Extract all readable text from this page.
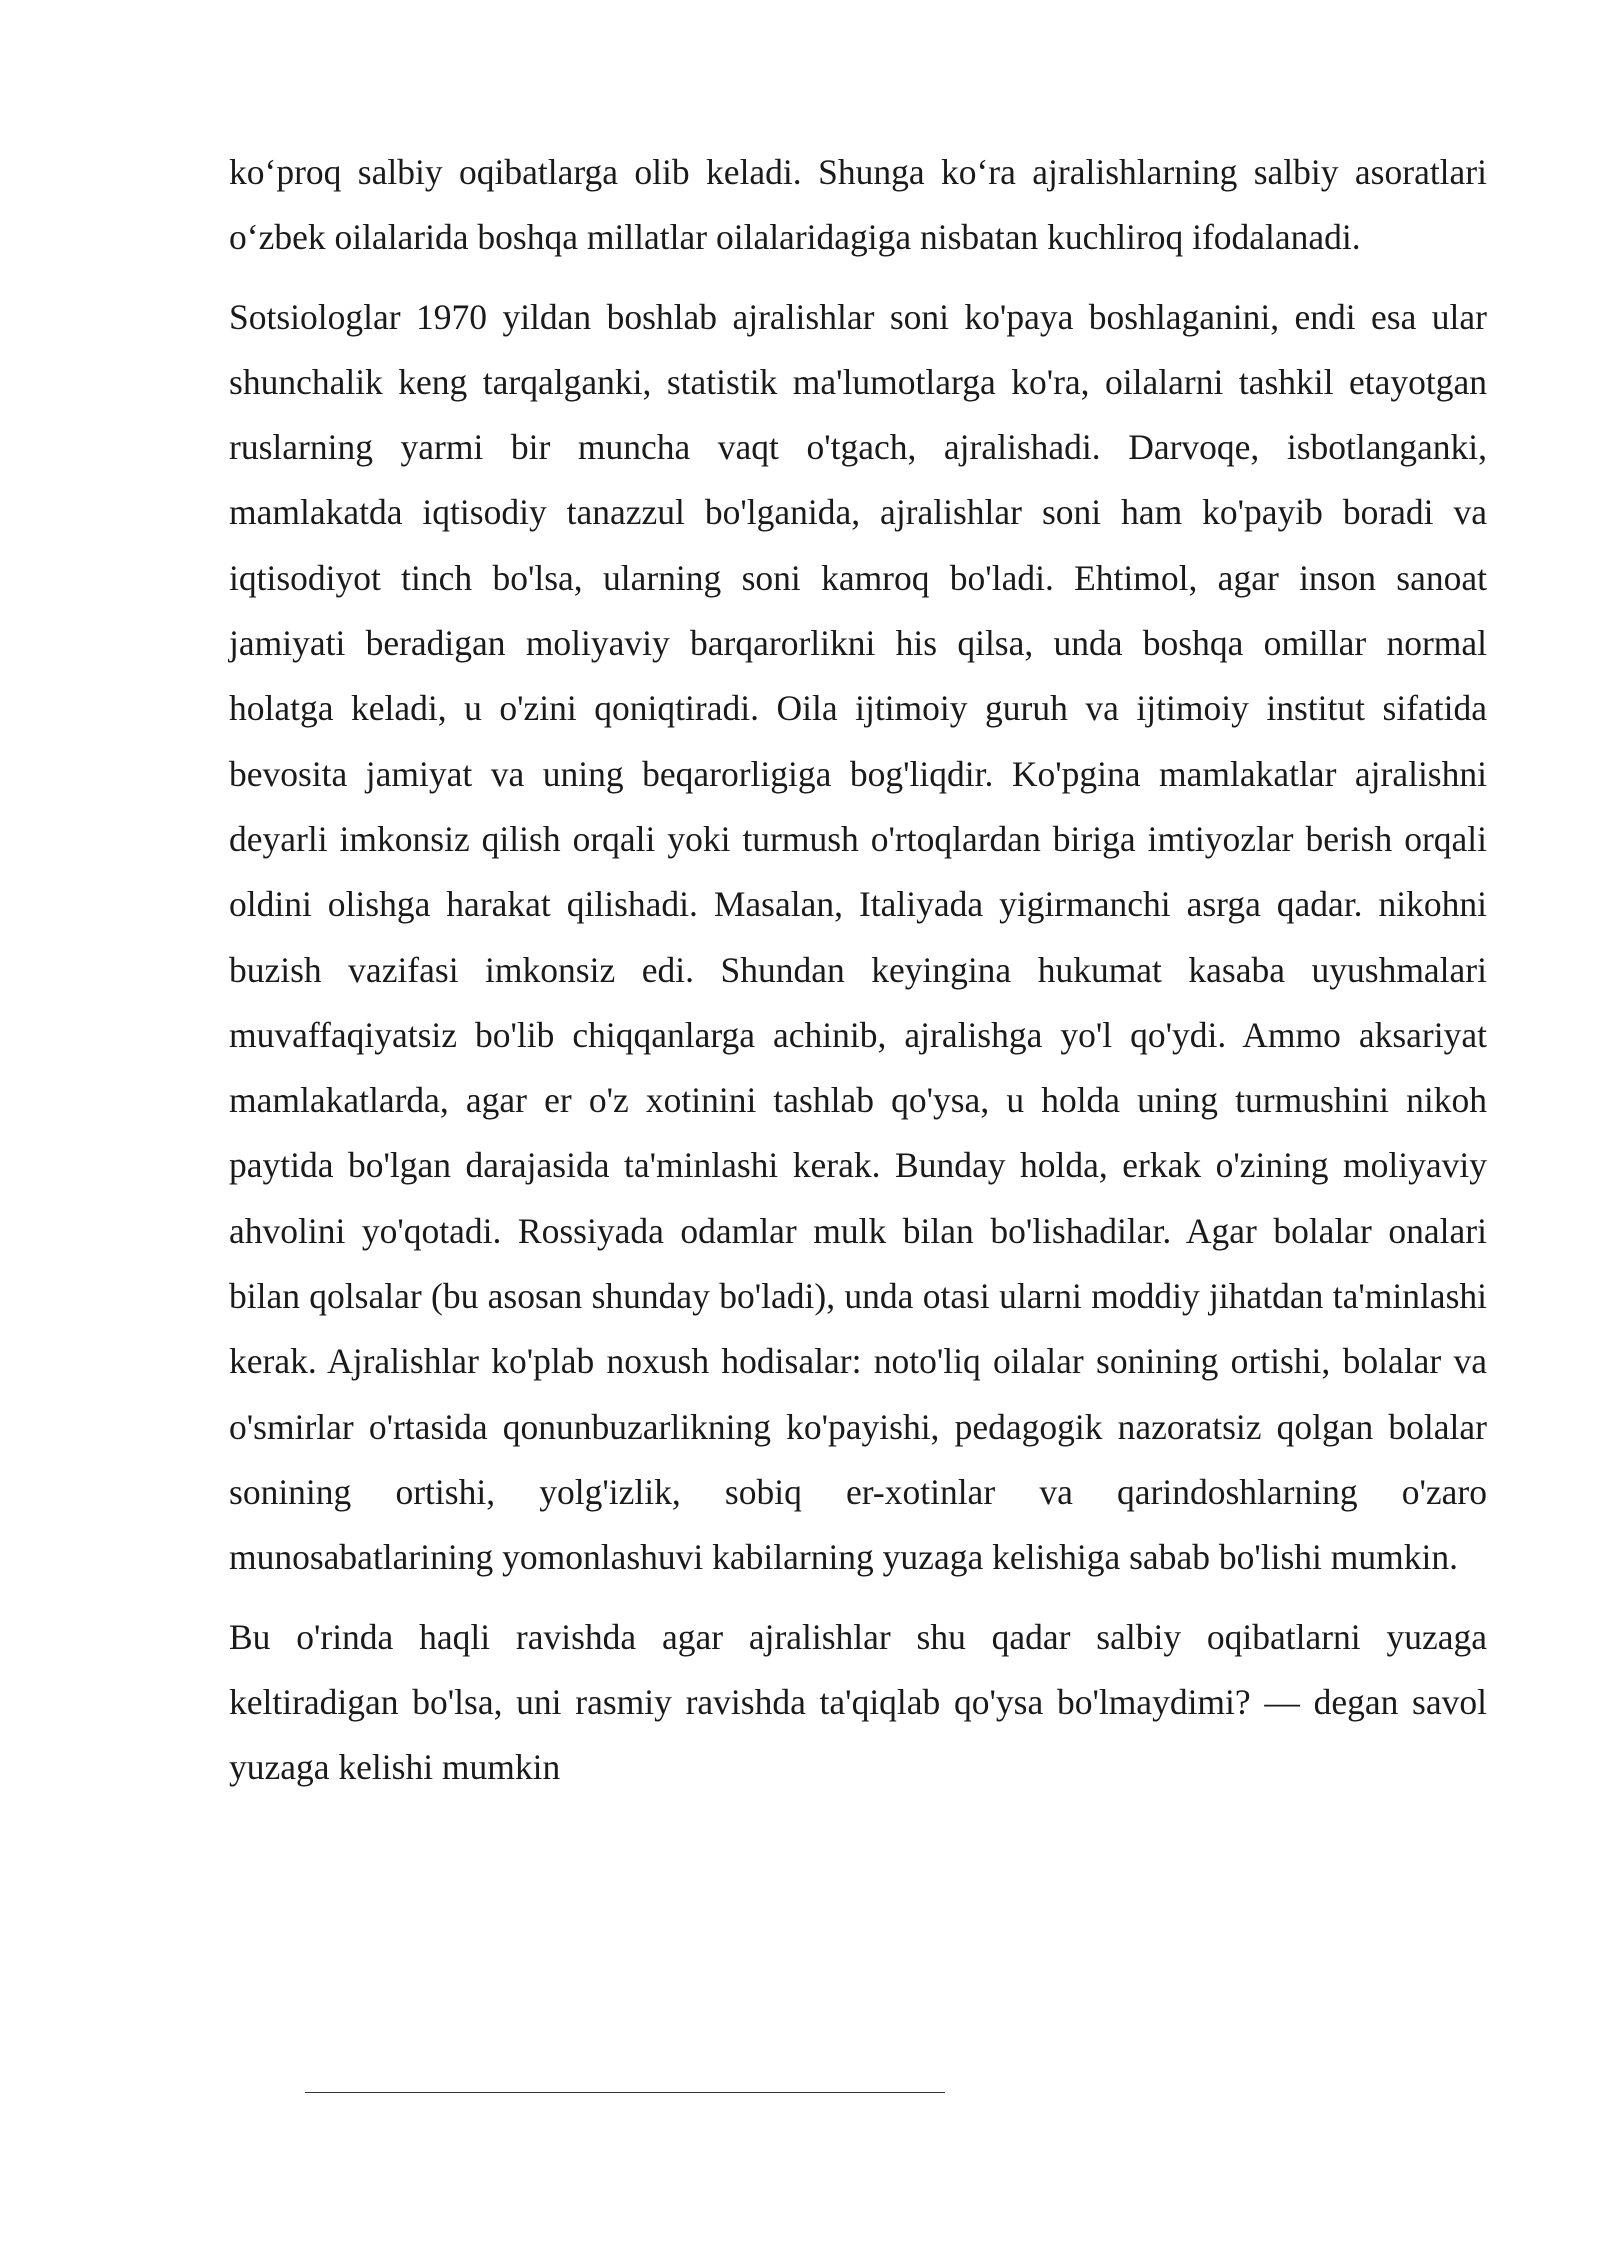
ko‘proq salbiy oqibatlarga olib keladi. Shunga ko‘ra ajralishlarning salbiy asoratlari o‘zbek oilalarida boshqa millatlar oilalaridagiga nisbatan kuchliroq ifodalanadi.

Sotsiologlar 1970 yildan boshlab ajralishlar soni ko'paya boshlaganini, endi esa ular shunchalik keng tarqalganki, statistik ma'lumotlarga ko'ra, oilalarni tashkil etayotgan ruslarning yarmi bir muncha vaqt o'tgach, ajralishadi. Darvoqe, isbotlanganki, mamlakatda iqtisodiy tanazzul bo'lganida, ajralishlar soni ham ko'payib boradi va iqtisodiyot tinch bo'lsa, ularning soni kamroq bo'ladi. Ehtimol, agar inson sanoat jamiyati beradigan moliyaviy barqarorlikni his qilsa, unda boshqa omillar normal holatga keladi, u o'zini qoniqtiradi. Oila ijtimoiy guruh va ijtimoiy institut sifatida bevosita jamiyat va uning beqarorligiga bog'liqdir. Ko'pgina mamlakatlar ajralishni deyarli imkonsiz qilish orqali yoki turmush o'rtoqlardan biriga imtiyozlar berish orqali oldini olishga harakat qilishadi. Masalan, Italiyada yigirmanchi asrga qadar. nikohni buzish vazifasi imkonsiz edi. Shundan keyingina hukumat kasaba uyushmalari muvaffaqiyatsiz bo'lib chiqqanlarga achinib, ajralishga yo'l qo'ydi. Ammo aksariyat mamlakatlarda, agar er o'z xotinini tashlab qo'ysa, u holda uning turmushini nikoh paytida bo'lgan darajasida ta'minlashi kerak. Bunday holda, erkak o'zining moliyaviy ahvolini yo'qotadi. Rossiyada odamlar mulk bilan bo'lishadilar. Agar bolalar onalari bilan qolsalar (bu asosan shunday bo'ladi), unda otasi ularni moddiy jihatdan ta'minlashi kerak. Ajralishlar ko'plab noxush hodisalar: noto'liq oilalar sonining ortishi, bolalar va o'smirlar o'rtasida qonunbuzarlikning ko'payishi, pedagogik nazoratsiz qolgan bolalar sonining ortishi, yolg'izlik, sobiq er-xotinlar va qarindoshlarning o'zaro munosabatlarining yomonlashuvi kabilarning yuzaga kelishiga sabab bo'lishi mumkin.

Bu o'rinda haqli ravishda agar ajralishlar shu qadar salbiy oqibatlarni yuzaga keltiradigan bo'lsa, uni rasmiy ravishda ta'qiqlab qo'ysa bo'lmaydimi? — degan savol yuzaga kelishi mumkin
